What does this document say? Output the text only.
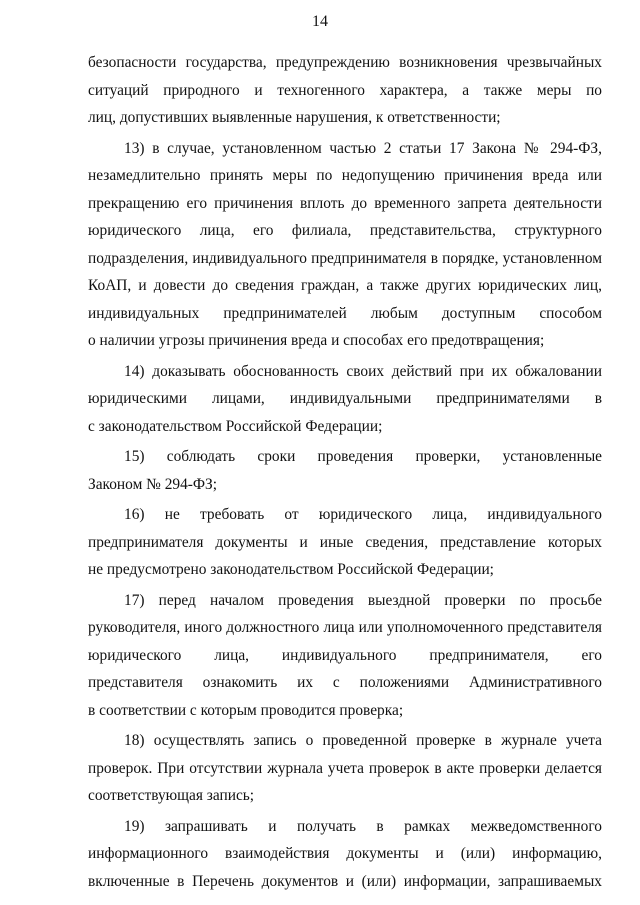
14
безопасности государства, предупреждению возникновения чрезвычайных
ситуаций природного и техногенного характера, а также меры по
лиц, допустивших выявленные нарушения, к ответственности;
13) в случае, установленном частью 2 статьи 17 Закона № 294-ФЗ,
незамедлительно принять меры по недопущению причинения вреда или
прекращению его причинения вплоть до временного запрета деятельности
юридического лица, его филиала, представительства, структурного
подразделения, индивидуального предпринимателя в порядке, установленном
КоАП, и довести до сведения граждан, а также других юридических лиц,
индивидуальных предпринимателей любым доступным способом
о наличии угрозы причинения вреда и способах его предотвращения;
14) доказывать обоснованность своих действий при их обжаловании
юридическими лицами, индивидуальными предпринимателями в
с законодательством Российской Федерации;
15) соблюдать сроки проведения проверки, установленные
Законом № 294-ФЗ;
16) не требовать от юридического лица, индивидуального
предпринимателя документы и иные сведения, представление которых
не предусмотрено законодательством Российской Федерации;
17) перед началом проведения выездной проверки по просьбе
руководителя, иного должностного лица или уполномоченного представителя
юридического лица, индивидуального предпринимателя, его
представителя ознакомить их с положениями Административного
в соответствии с которым проводится проверка;
18) осуществлять запись о проведенной проверке в журнале учета
проверок. При отсутствии журнала учета проверок в акте проверки делается
соответствующая запись;
19) запрашивать и получать в рамках межведомственного
информационного взаимодействия документы и (или) информацию,
включенные в Перечень документов и (или) информации, запрашиваемых
